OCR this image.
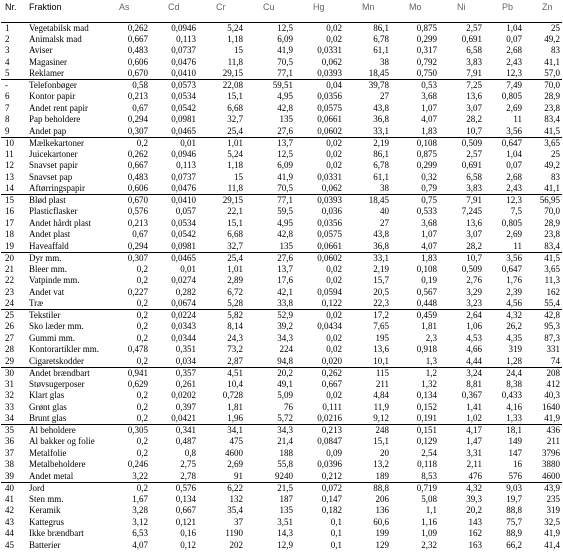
Nr.	Fraktion	As	Cd	Cr	Cu	Hg	Mn	Mo	Ni	Pb	Zn
1	Vegetabilsk mad	0,262	0,0946	5,24	12,5	0,02	86,1	0,875	2,57	1,04	25
2	Animalsk mad	0,667	0,113	1,18	6,09	0,02	6,78	0,299	0,691	0,07	49,2
3	Aviser	0,483	0,0737	15	41,9	0,0331	61,1	0,317	6,58	2,68	83
4	Magasiner	0,606	0,0476	11,8	70,5	0,062	38	0,792	3,83	2,43	41,1
5	Reklamer	0,670	0,0410	29,15	77,1	0,0393	18,45	0,750	7,91	12,3	57,0
-	Telefonbøger	0,58	0,0573	22,08	59,51	0,04	39,78	0,53	7,25	7,49	70,0
6	Kontor papir	0,213	0,0534	15,1	4,95	0,0356	27	3,68	13,6	0,805	28,9
7	Andet rent papir	0,67	0,0542	6,68	42,8	0,0575	43,8	1,07	3,07	2,69	23,8
8	Pap beholdere	0,294	0,0981	32,7	135	0,0661	36,8	4,07	28,2	11	83,4
9	Andet pap	0,307	0,0465	25,4	27,6	0,0602	33,1	1,83	10,7	3,56	41,5
10	Mælkekartoner	0,2	0,01	1,01	13,7	0,02	2,19	0,108	0,509	0,647	3,65
11	Juicekartoner	0,262	0,0946	5,24	12,5	0,02	86,1	0,875	2,57	1,04	25
12	Snavset papir	0,667	0,113	1,18	6,09	0,02	6,78	0,299	0,691	0,07	49,2
13	Snavset pap	0,483	0,0737	15	41,9	0,0331	61,1	0,32	6,58	2,68	83
14	Aftørringspapir	0,606	0,0476	11,8	70,5	0,062	38	0,79	3,83	2,43	41,1
15	Blød plast	0,670	0,0410	29,15	77,1	0,0393	18,45	0,75	7,91	12,3	56,95
16	Plasticflasker	0,576	0,057	22,1	59,5	0,036	40	0,533	7,245	7,5	70,0
17	Andet hårdt plast	0,213	0,0534	15,1	4,95	0,0356	27	3,68	13,6	0,805	28,9
18	Andet plast	0,67	0,0542	6,68	42,8	0,0575	43,8	1,07	3,07	2,69	23,8
19	Haveaffald	0,294	0,0981	32,7	135	0,0661	36,8	4,07	28,2	11	83,4
20	Dyr mm.	0,307	0,0465	25,4	27,6	0,0602	33,1	1,83	10,7	3,56	41,5
21	Bleer mm.	0,2	0,01	1,01	13,7	0,02	2,19	0,108	0,509	0,647	3,65
22	Vatpinde mm.	0,2	0,0274	2,89	17,6	0,02	15,7	0,19	2,76	1,76	11,3
23	Andet vat	0,227	0,282	6,72	42,1	0,0594	20,5	0,567	3,29	2,39	162
24	Træ	0,2	0,0674	5,28	33,8	0,122	22,3	0,448	3,23	4,56	55,4
25	Tekstiler	0,2	0,0224	5,82	52,9	0,02	17,2	0,459	2,64	4,32	42,8
26	Sko læder mm.	0,2	0,0343	8,14	39,2	0,0434	7,65	1,81	1,06	26,2	95,3
27	Gummi mm.	0,2	0,0344	24,3	34,3	0,02	195	2,3	4,53	4,35	87,3
28	Kontorartikler mm.	0,478	0,351	73,2	224	0,02	13,6	0,918	4,66	319	331
29	Cigaretskodder	0,2	0,034	2,87	94,8	0,020	10,1	1,3	4,44	1,28	74
30	Andet brændbart	0,941	0,357	4,51	20,2	0,262	115	1,2	3,24	24,4	208
31	Støvsugerposer	0,629	0,261	10,4	49,1	0,667	211	1,32	8,81	8,38	412
32	Klart glas	0,2	0,0202	0,728	5,09	0,02	4,84	0,134	0,367	0,433	40,3
33	Grønt glas	0,2	0,397	1,81	76	0,111	11,9	0,152	1,41	4,16	1640
34	Brunt glas	0,2	0,0421	1,96	5,72	0,0216	9,12	0,191	1,02	1,33	41,9
35	Al beholdere	0,305	0,341	34,1	34,3	0,213	248	0,151	4,17	18,1	436
36	Al bakker og folie	0,2	0,487	475	21,4	0,0847	15,1	0,129	1,47	149	211
37	Metalfolie	0,2	0,8	4600	188	0,09	20	2,54	3,31	147	3796
38	Metalbeholdere	0,246	2,75	2,69	55,8	0,0396	13,2	0,118	2,11	16	3880
39	Andet metal	3,22	2,78	91	9240	0,212	189	8,53	476	576	4600
40	Jord	0,2	0,576	6,22	21,5	0,072	88,8	0,719	4,32	9,03	43,9
41	Sten mm.	1,67	0,134	132	187	0,147	206	5,08	39,3	19,7	235
42	Keramik	3,28	0,667	35,4	135	0,182	136	1,1	20,2	88,8	319
43	Kattegrus	3,12	0,121	37	3,51	0,1	60,6	1,16	143	75,7	32,5
44	Ikke brændbart	6,53	0,16	1190	14,3	0,1	199	1,09	162	88,9	41,9
45	Batterier	4,07	0,12	202	12,9	0,1	129	2,32	163	66,2	41,4
